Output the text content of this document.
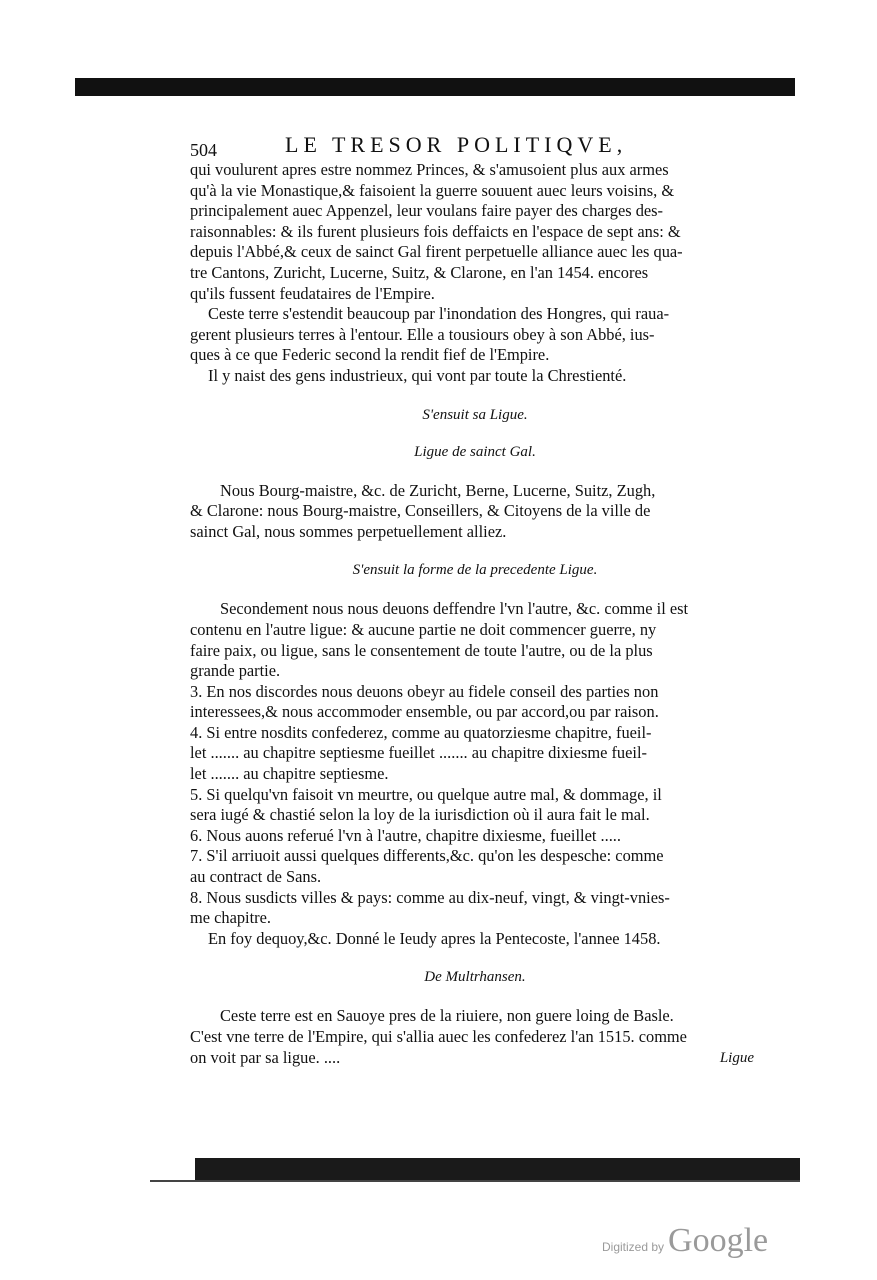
504	LE TRESOR POLITIQVE,
qui voulurent apres estre nommez Princes, & s'amusoient plus aux armes
qu'à la vie Monastique,& faisoient la guerre souuent auec leurs voisins, &
principalement auec Appenzel, leur voulans faire payer des charges des-
raisonnables: & ils furent plusieurs fois deffaicts en l'espace de sept ans: &
depuis l'Abbé,& ceux de sainct Gal firent perpetuelle alliance auec les qua-
tre Cantons, Zuricht, Lucerne, Suitz, & Clarone, en l'an 1454. encores
qu'ils fussent feudataires de l'Empire.
Ceste terre s'estendit beaucoup par l'inondation des Hongres, qui raua-
gerent plusieurs terres à l'entour. Elle a tousiours obey à son Abbé, ius-
ques à ce que Federic second la rendit fief de l'Empire.
Il y naist des gens industrieux, qui vont par toute la Chrestienté.
S'ensuit sa Ligue.
Ligue de sainct Gal.
Nous Bourg-maistre, &c. de Zuricht, Berne, Lucerne, Suitz, Zugh,
& Clarone: nous Bourg-maistre, Conseillers, & Citoyens de la ville de
sainct Gal, nous sommes perpetuellement alliez.
S'ensuit la forme de la precedente Ligue.
Secondement nous nous deuons deffendre l'vn l'autre, &c. comme il est
contenu en l'autre ligue: & aucune partie ne doit commencer guerre, ny
faire paix, ou ligue, sans le consentement de toute l'autre, ou de la plus
grande partie.
3. En nos discordes nous deuons obeyr au fidele conseil des parties non
interessees,& nous accommoder ensemble, ou par accord,ou par raison.
4. Si entre nosdits confederez, comme au quatorziesme chapitre, fueil-
let ....... au chapitre septiesme fueillet ....... au chapitre dixiesme fueil-
let ....... au chapitre septiesme.
5. Si quelqu'vn faisoit vn meurtre, ou quelque autre mal, & dommage, il
sera iugé & chastié selon la loy de la iurisdiction où il aura fait le mal.
6. Nous auons referué l'vn à l'autre, chapitre dixiesme, fueillet .....
7. S'il arriuoit aussi quelques differents,&c. qu'on les despesche: comme
au contract de Sans.
8. Nous susdicts villes & pays: comme au dix-neuf, vingt, & vingt-vnies-
me chapitre.
En foy dequoy,&c. Donné le Ieudy apres la Pentecoste, l'annee 1458.
De Multrhansen.
Ceste terre est en Sauoye pres de la riuiere, non guere loing de Basle.
C'est vne terre de l'Empire, qui s'allia auec les confederez l'an 1515. comme
on voit par sa ligue. ....	Ligue
Digitized by Google
